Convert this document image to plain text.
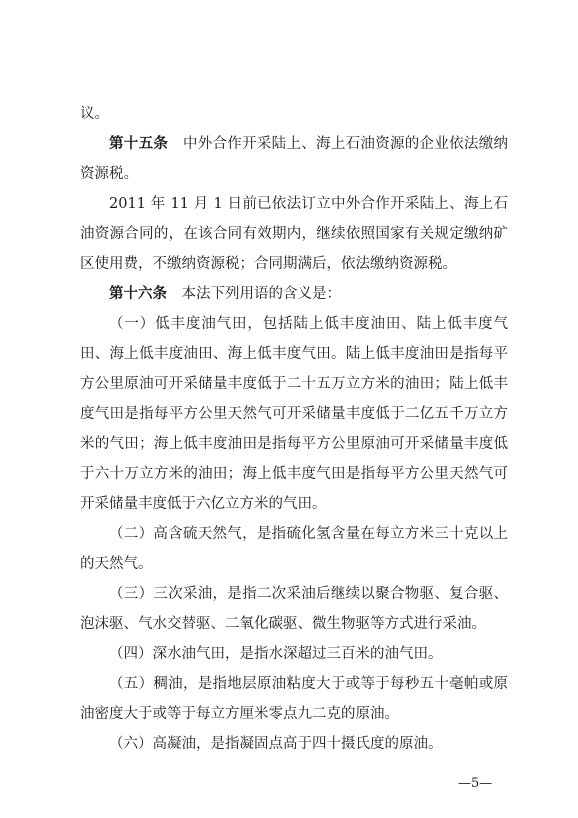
议。

第十五条　中外合作开采陆上、海上石油资源的企业依法缴纳资源税。

2011 年 11 月 1 日前已依法订立中外合作开采陆上、海上石油资源合同的，在该合同有效期内，继续依照国家有关规定缴纳矿区使用费，不缴纳资源税；合同期满后，依法缴纳资源税。

第十六条　本法下列用语的含义是：

（一）低丰度油气田，包括陆上低丰度油田、陆上低丰度气田、海上低丰度油田、海上低丰度气田。陆上低丰度油田是指每平方公里原油可开采储量丰度低于二十五万立方米的油田；陆上低丰度气田是指每平方公里天然气可开采储量丰度低于二亿五千万立方米的气田；海上低丰度油田是指每平方公里原油可开采储量丰度低于六十万立方米的油田；海上低丰度气田是指每平方公里天然气可开采储量丰度低于六亿立方米的气田。

（二）高含硫天然气，是指硫化氢含量在每立方米三十克以上的天然气。

（三）三次采油，是指二次采油后继续以聚合物驱、复合驱、泡沫驱、气水交替驱、二氧化碳驱、微生物驱等方式进行采油。

（四）深水油气田，是指水深超过三百米的油气田。

（五）稠油，是指地层原油粘度大于或等于每秒五十毫帕或原油密度大于或等于每立方厘米零点九二克的原油。

（六）高凝油，是指凝固点高于四十摄氏度的原油。

—5—
